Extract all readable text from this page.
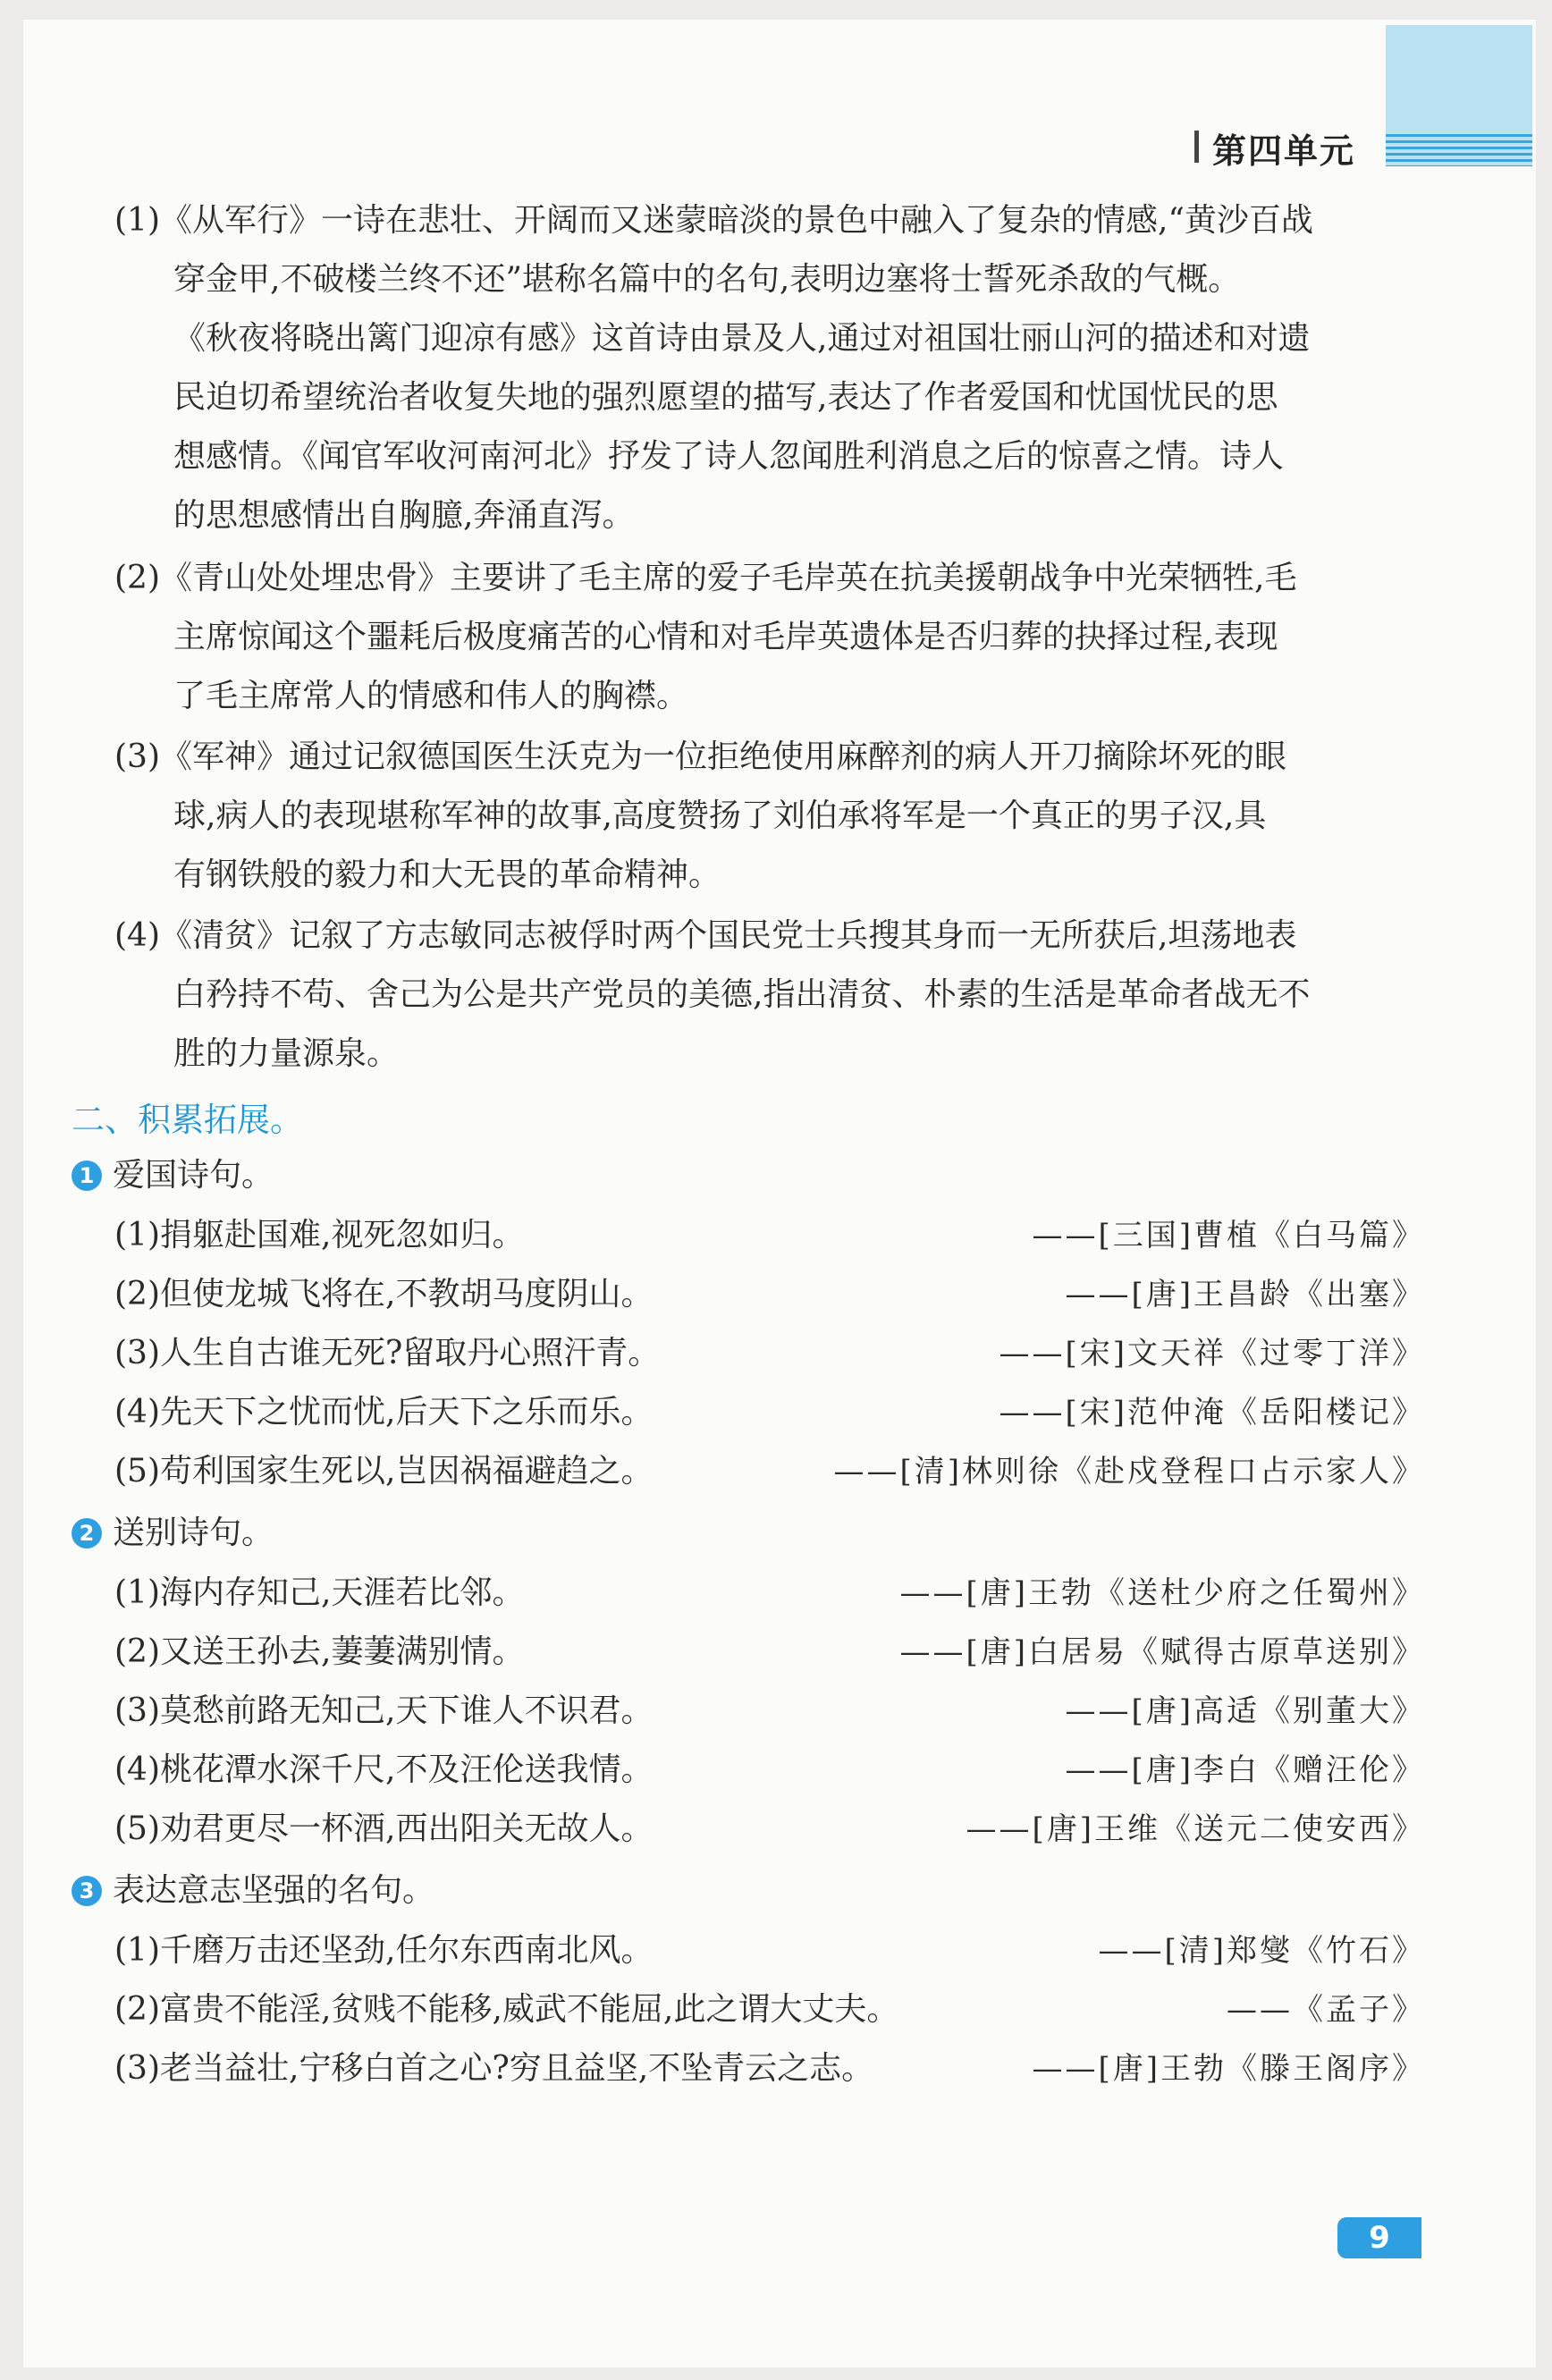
第四单元
(1)《从军行》一诗在悲壮、开阔而又迷蒙暗淡的景色中融入了复杂的情感,“黄沙百战
穿金甲,不破楼兰终不还”堪称名篇中的名句,表明边塞将士誓死杀敌的气概。
《秋夜将晓出篱门迎凉有感》这首诗由景及人,通过对祖国壮丽山河的描述和对遗
民迫切希望统治者收复失地的强烈愿望的描写,表达了作者爱国和忧国忧民的思
想感情。《闻官军收河南河北》抒发了诗人忽闻胜利消息之后的惊喜之情。诗人
的思想感情出自胸臆,奔涌直泻。
(2)《青山处处埋忠骨》主要讲了毛主席的爱子毛岸英在抗美援朝战争中光荣牺牲,毛
主席惊闻这个噩耗后极度痛苦的心情和对毛岸英遗体是否归葬的抉择过程,表现
了毛主席常人的情感和伟人的胸襟。
(3)《军神》通过记叙德国医生沃克为一位拒绝使用麻醉剂的病人开刀摘除坏死的眼
球,病人的表现堪称军神的故事,高度赞扬了刘伯承将军是一个真正的男子汉,具
有钢铁般的毅力和大无畏的革命精神。
(4)《清贫》记叙了方志敏同志被俘时两个国民党士兵搜其身而一无所获后,坦荡地表
白矜持不苟、舍己为公是共产党员的美德,指出清贫、朴素的生活是革命者战无不
胜的力量源泉。
二、积累拓展。
1 爱国诗句。
(1)捐躯赴国难,视死忽如归。	——[三国]曹植《白马篇》
(2)但使龙城飞将在,不教胡马度阴山。	——[唐]王昌龄《出塞》
(3)人生自古谁无死?留取丹心照汗青。	——[宋]文天祥《过零丁洋》
(4)先天下之忧而忧,后天下之乐而乐。	——[宋]范仲淹《岳阳楼记》
(5)苟利国家生死以,岂因祸福避趋之。	——[清]林则徐《赴戍登程口占示家人》
2 送别诗句。
(1)海内存知己,天涯若比邻。	——[唐]王勃《送杜少府之任蜀州》
(2)又送王孙去,萋萋满别情。	——[唐]白居易《赋得古原草送别》
(3)莫愁前路无知己,天下谁人不识君。	——[唐]高适《别董大》
(4)桃花潭水深千尺,不及汪伦送我情。	——[唐]李白《赠汪伦》
(5)劝君更尽一杯酒,西出阳关无故人。	——[唐]王维《送元二使安西》
3 表达意志坚强的名句。
(1)千磨万击还坚劲,任尔东西南北风。	——[清]郑燮《竹石》
(2)富贵不能淫,贫贱不能移,威武不能屈,此之谓大丈夫。	——《孟子》
(3)老当益壮,宁移白首之心?穷且益坚,不坠青云之志。	——[唐]王勃《滕王阁序》
9
